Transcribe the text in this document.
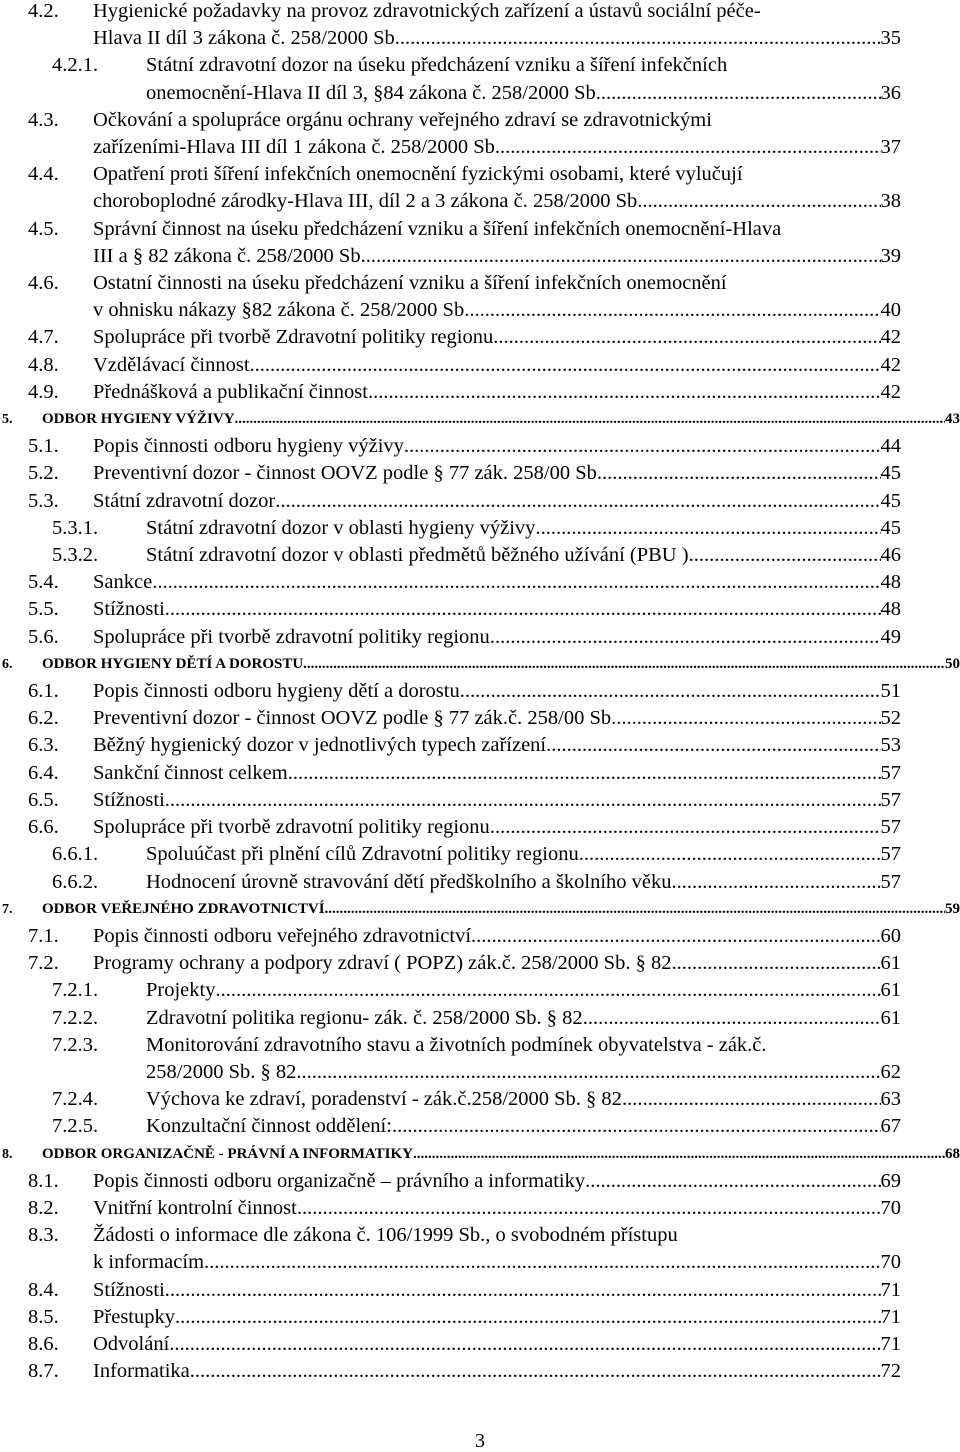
4.2. Hygienické požadavky na provoz zdravotnických zařízení a ústavů sociální péče-
Hlava II díl 3 zákona č. 258/2000 Sb. .....	35
4.2.1. Státní zdravotní dozor na úseku předcházení vzniku a šíření infekčních
onemocnění-Hlava II díl 3, §84 zákona č. 258/2000 Sb. .....	36
4.3. Očkování a spolupráce orgánu ochrany veřejného zdraví se zdravotnickými
zařízeními-Hlava III díl 1 zákona č. 258/2000 Sb. .....	37
4.4. Opatření proti šíření infekčních onemocnění fyzickými osobami, které vylučují
choroboplodné zárodky-Hlava III, díl 2 a 3 zákona č. 258/2000 Sb. .....	38
4.5. Správní činnost na úseku předcházení vzniku a šíření infekčních onemocnění-Hlava
III a § 82 zákona č. 258/2000 Sb. .....	39
4.6. Ostatní činnosti na úseku předcházení vzniku a šíření infekčních onemocnění
v ohnisku nákazy §82 zákona č. 258/2000 Sb. .....	40
4.7. Spolupráce při tvorbě Zdravotní politiky regionu .....	42
4.8. Vzdělávací činnost .....	42
4.9. Přednášková a publikační činnost .....	42
5. ODBOR HYGIENY VÝŽIVY .....	43
5.1. Popis činnosti odboru hygieny výživy .....	44
5.2. Preventivní dozor - činnost OOVZ podle § 77 zák. 258/00 Sb. .....	45
5.3. Státní zdravotní dozor .....	45
5.3.1. Státní zdravotní dozor v oblasti hygieny výživy .....	45
5.3.2. Státní zdravotní dozor v oblasti předmětů běžného užívání (PBU ) .....	46
5.4. Sankce .....	48
5.5. Stížnosti .....	48
5.6. Spolupráce při tvorbě zdravotní politiky regionu .....	49
6. ODBOR HYGIENY DĚTÍ A DOROSTU .....	50
6.1. Popis činnosti odboru hygieny dětí a dorostu .....	51
6.2. Preventivní dozor - činnost OOVZ podle § 77 zák.č. 258/00 Sb. .....	52
6.3. Běžný hygienický dozor v jednotlivých typech zařízení .....	53
6.4. Sankční činnost celkem .....	57
6.5. Stížnosti .....	57
6.6. Spolupráce při tvorbě zdravotní politiky regionu .....	57
6.6.1. Spoluúčast při plnění cílů Zdravotní politiky regionu .....	57
6.6.2. Hodnocení úrovně stravování dětí předškolního a školního věku .....	57
7. ODBOR VEŘEJNÉHO ZDRAVOTNICTVÍ .....	59
7.1. Popis činnosti odboru veřejného zdravotnictví .....	60
7.2. Programy ochrany a podpory zdraví ( POPZ) zák.č. 258/2000 Sb. § 82 .....	61
7.2.1. Projekty .....	61
7.2.2. Zdravotní politika regionu- zák. č. 258/2000 Sb. § 82 .....	61
7.2.3. Monitorování zdravotního stavu a životních podmínek obyvatelstva - zák.č.
258/2000 Sb. § 82 .....	62
7.2.4. Výchova ke zdraví, poradenství - zák.č.258/2000 Sb. § 82 .....	63
7.2.5. Konzultační činnost oddělení: .....	67
8. ODBOR ORGANIZAČNĚ - PRÁVNÍ A INFORMATIKY .....	68
8.1. Popis činnosti odboru organizačně – právního a informatiky .....	69
8.2. Vnitřní kontrolní činnost .....	70
8.3. Žádosti o informace dle zákona č. 106/1999 Sb., o svobodném přístupu
k informacím .....	70
8.4. Stížnosti .....	71
8.5. Přestupky .....	71
8.6. Odvolání .....	71
8.7. Informatika .....	72
3
